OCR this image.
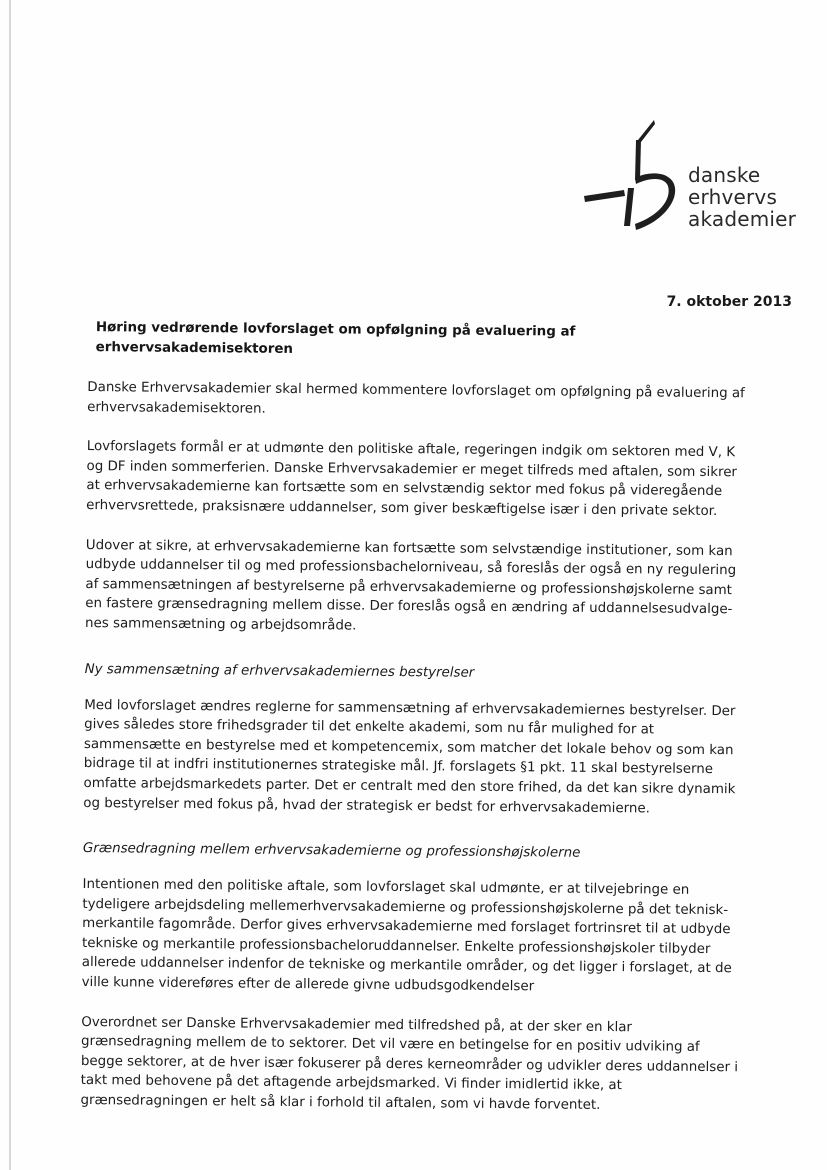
danske
erhvervs
akademier
7. oktober 2013
Høring vedrørende lovforslaget om opfølgning på evaluering af
erhvervsakademisektoren
Danske Erhvervsakademier skal hermed kommentere lovforslaget om opfølgning på evaluering af
erhvervsakademisektoren.
Lovforslagets formål er at udmønte den politiske aftale, regeringen indgik om sektoren med V, K
og DF inden sommerferien. Danske Erhvervsakademier er meget tilfreds med aftalen, som sikrer
at erhvervsakademierne kan fortsætte som en selvstændig sektor med fokus på videregående
erhvervsrettede, praksisnære uddannelser, som giver beskæftigelse især i den private sektor.
Udover at sikre, at erhvervsakademierne kan fortsætte som selvstændige institutioner, som kan
udbyde uddannelser til og med professionsbachelorniveau, så foreslås der også en ny regulering
af sammensætningen af bestyrelserne på erhvervsakademierne og professionshøjskolerne samt
en fastere grænsedragning mellem disse. Der foreslås også en ændring af uddannelsesudvalge-
nes sammensætning og arbejdsområde.
Ny sammensætning af erhvervsakademiernes bestyrelser
Med lovforslaget ændres reglerne for sammensætning af erhvervsakademiernes bestyrelser. Der
gives således store frihedsgrader til det enkelte akademi, som nu får mulighed for at
sammensætte en bestyrelse med et kompetencemix, som matcher det lokale behov og som kan
bidrage til at indfri institutionernes strategiske mål. Jf. forslagets §1 pkt. 11 skal bestyrelserne
omfatte arbejdsmarkedets parter. Det er centralt med den store frihed, da det kan sikre dynamik
og bestyrelser med fokus på, hvad der strategisk er bedst for erhvervsakademierne.
Grænsedragning mellem erhvervsakademierne og professionshøjskolerne
Intentionen med den politiske aftale, som lovforslaget skal udmønte, er at tilvejebringe en
tydeligere arbejdsdeling mellemerhvervsakademierne og professionshøjskolerne på det teknisk-
merkantile fagområde. Derfor gives erhvervsakademierne med forslaget fortrinsret til at udbyde
tekniske og merkantile professionsbacheloruddannelser. Enkelte professionshøjskoler tilbyder
allerede uddannelser indenfor de tekniske og merkantile områder, og det ligger i forslaget, at de
ville kunne videreføres efter de allerede givne udbudsgodkendelser
Overordnet ser Danske Erhvervsakademier med tilfredshed på, at der sker en klar
grænsedragning mellem de to sektorer. Det vil være en betingelse for en positiv udviking af
begge sektorer, at de hver især fokuserer på deres kerneområder og udvikler deres uddannelser i
takt med behovene på det aftagende arbejdsmarked. Vi finder imidlertid ikke, at
grænsedragningen er helt så klar i forhold til aftalen, som vi havde forventet.
